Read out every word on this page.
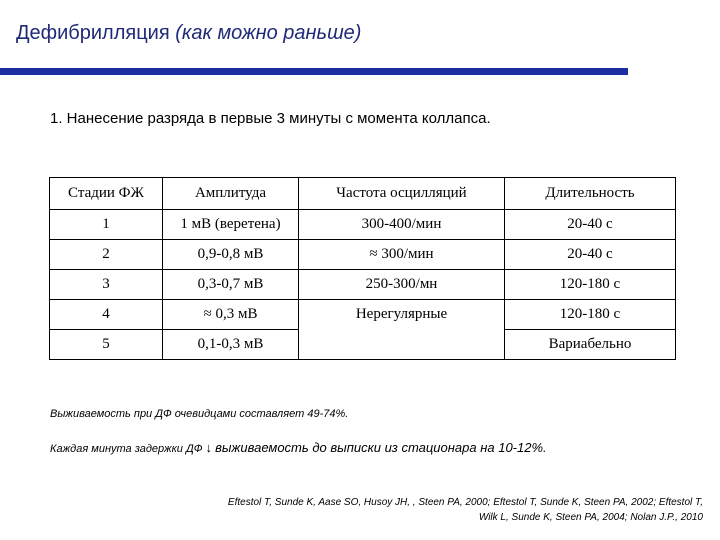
Дефибрилляция (как можно раньше)
1. Нанесение разряда в первые 3 минуты с момента коллапса.
Стадии ФЖ	Амплитуда	Частота осцилляций	Длительность
1	1 мВ (веретена)	300-400/мин	20-40 с
2	0,9-0,8 мВ	≈ 300/мин	20-40 с
3	0,3-0,7 мВ	250-300/мн	120-180 с
4	≈ 0,3 мВ	Нерегулярные	120-180 с
5	0,1-0,3 мВ		Вариабельно
Выживаемость при ДФ очевидцами составляет 49-74%.
Каждая минута задержки ДФ ↓ выживаемость до выписки из стационара на 10-12%.
Eftestol T, Sunde K, Aase SO, Husoy JH, , Steen PA, 2000; Eftestol T, Sunde K, Steen PA, 2002; Eftestol T,
Wilk L, Sunde K, Steen PA, 2004; Nolan J.P., 2010
